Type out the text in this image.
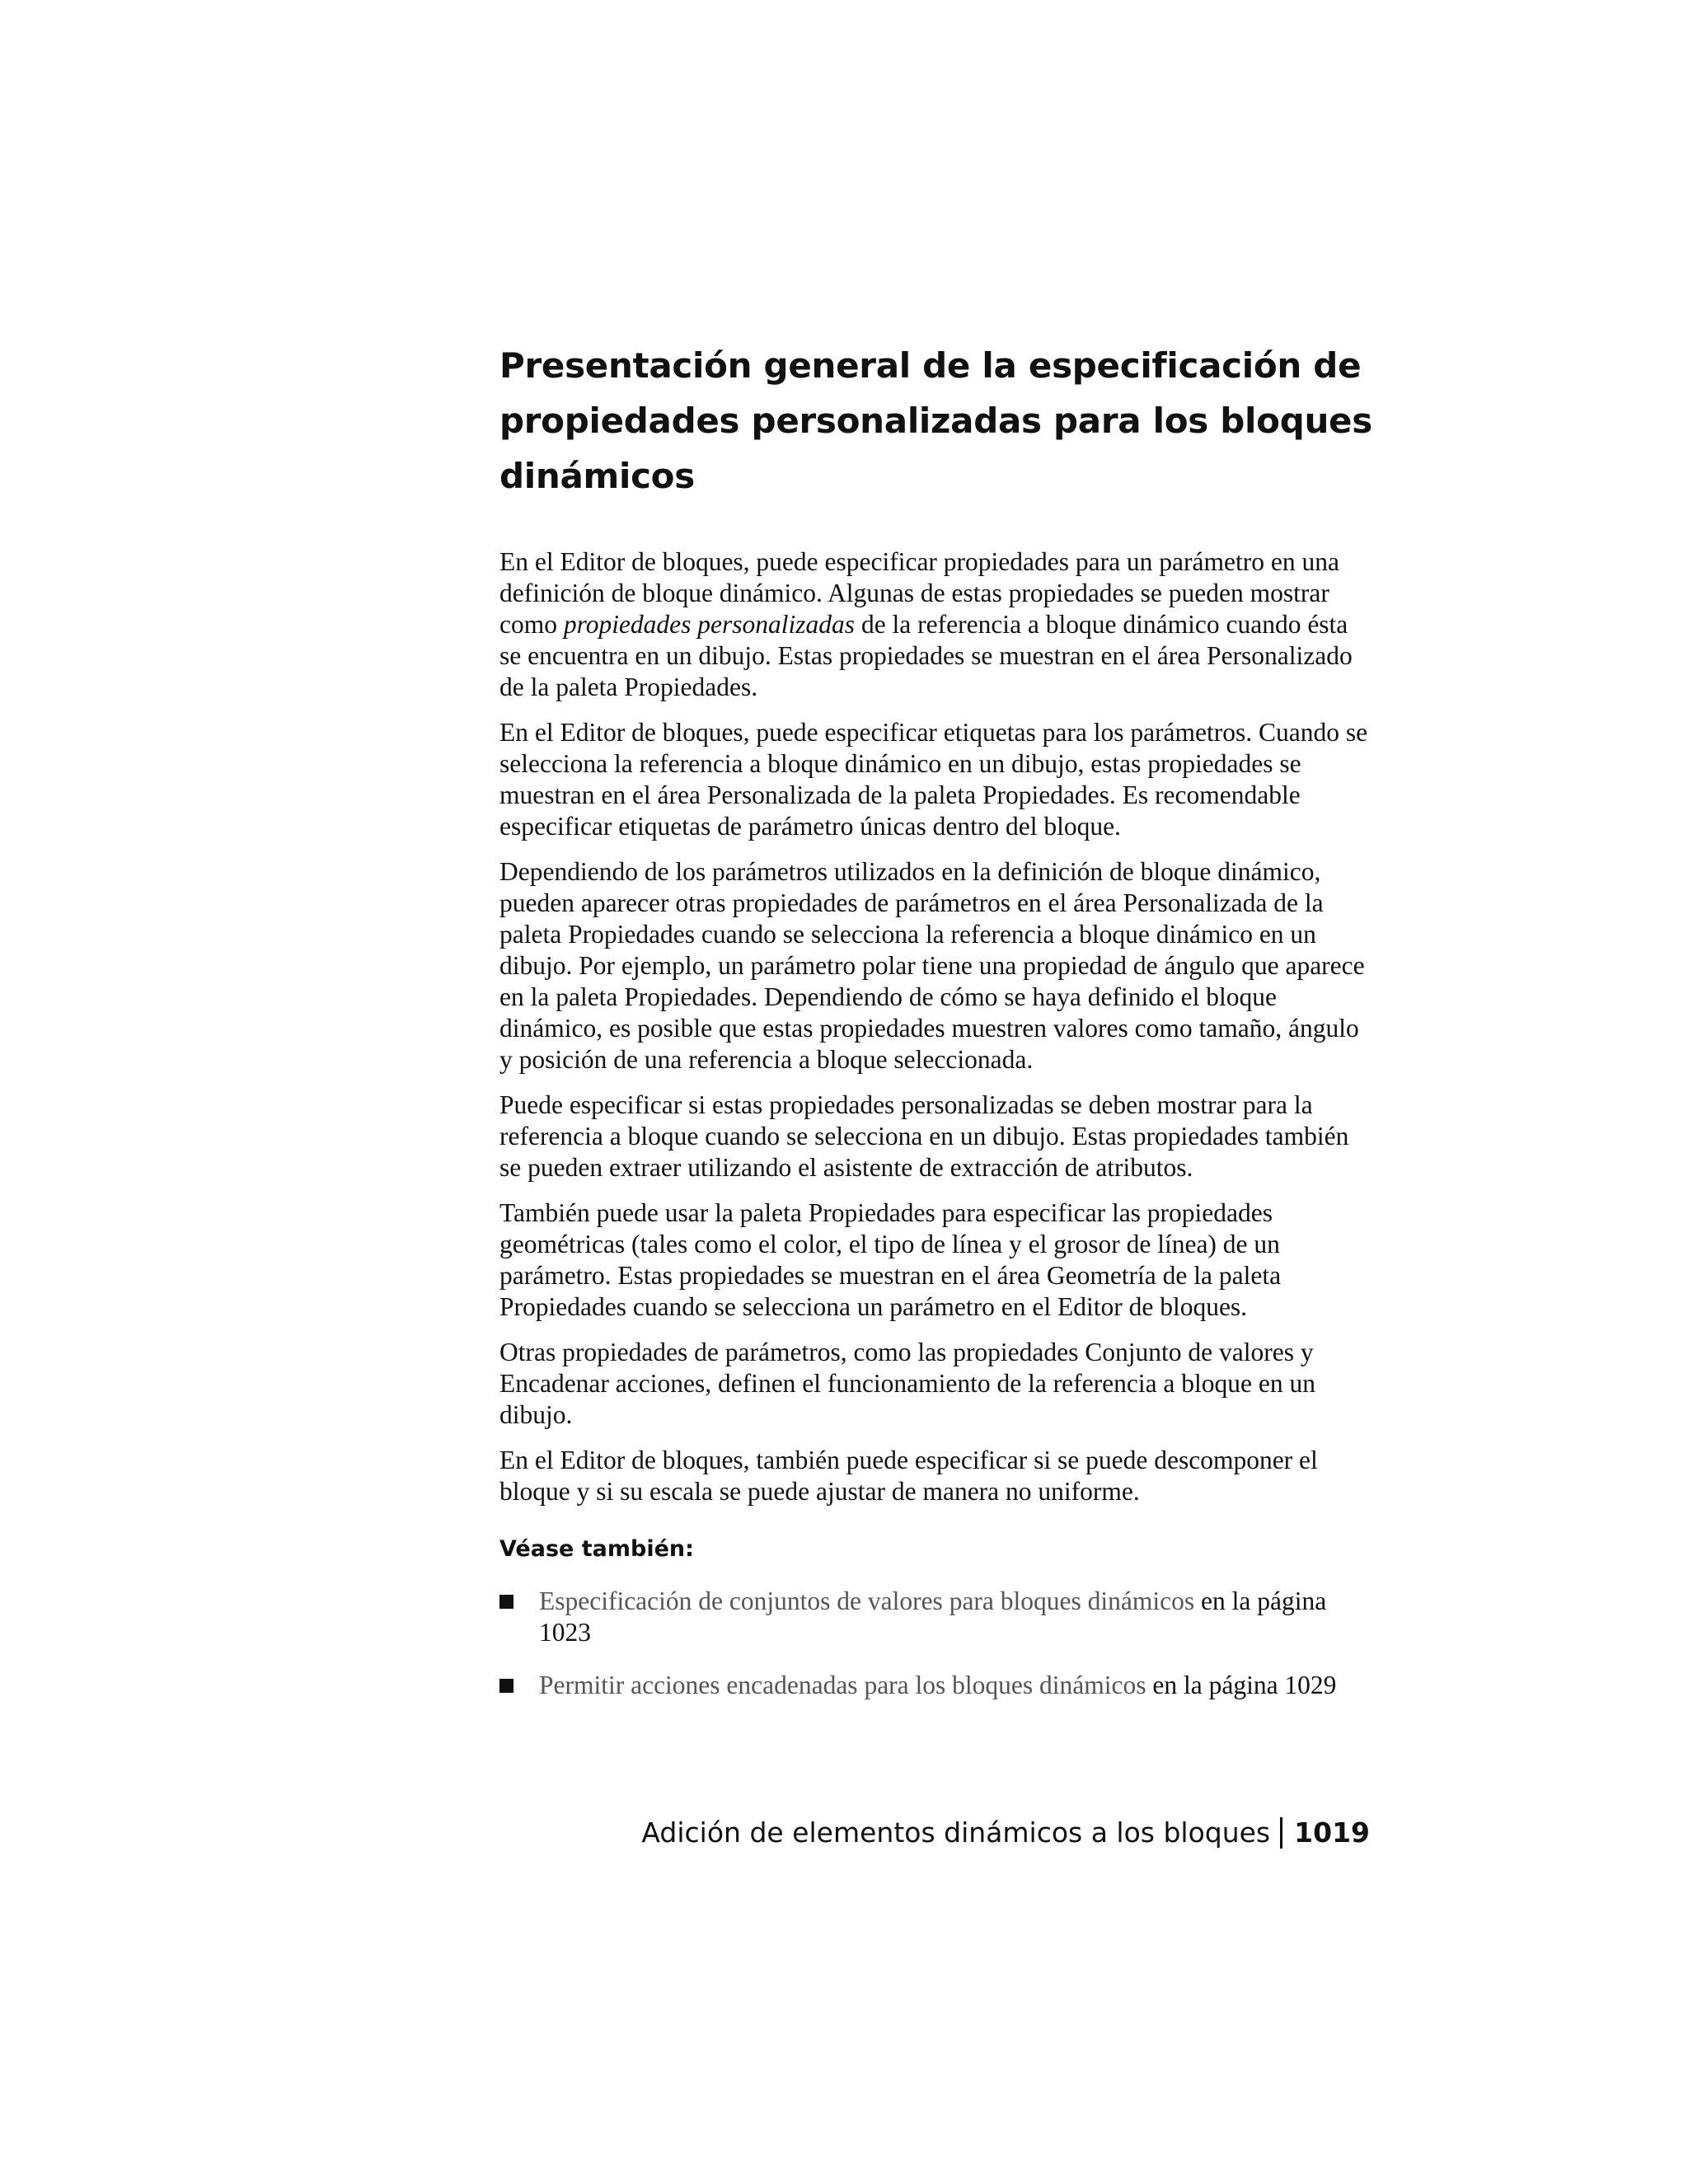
Presentación general de la especificación de propiedades personalizadas para los bloques dinámicos

En el Editor de bloques, puede especificar propiedades para un parámetro en una definición de bloque dinámico. Algunas de estas propiedades se pueden mostrar como propiedades personalizadas de la referencia a bloque dinámico cuando ésta se encuentra en un dibujo. Estas propiedades se muestran en el área Personalizado de la paleta Propiedades.

En el Editor de bloques, puede especificar etiquetas para los parámetros. Cuando se selecciona la referencia a bloque dinámico en un dibujo, estas propiedades se muestran en el área Personalizada de la paleta Propiedades. Es recomendable especificar etiquetas de parámetro únicas dentro del bloque.

Dependiendo de los parámetros utilizados en la definición de bloque dinámico, pueden aparecer otras propiedades de parámetros en el área Personalizada de la paleta Propiedades cuando se selecciona la referencia a bloque dinámico en un dibujo. Por ejemplo, un parámetro polar tiene una propiedad de ángulo que aparece en la paleta Propiedades. Dependiendo de cómo se haya definido el bloque dinámico, es posible que estas propiedades muestren valores como tamaño, ángulo y posición de una referencia a bloque seleccionada.

Puede especificar si estas propiedades personalizadas se deben mostrar para la referencia a bloque cuando se selecciona en un dibujo. Estas propiedades también se pueden extraer utilizando el asistente de extracción de atributos.

También puede usar la paleta Propiedades para especificar las propiedades geométricas (tales como el color, el tipo de línea y el grosor de línea) de un parámetro. Estas propiedades se muestran en el área Geometría de la paleta Propiedades cuando se selecciona un parámetro en el Editor de bloques.

Otras propiedades de parámetros, como las propiedades Conjunto de valores y Encadenar acciones, definen el funcionamiento de la referencia a bloque en un dibujo.

En el Editor de bloques, también puede especificar si se puede descomponer el bloque y si su escala se puede ajustar de manera no uniforme.

Véase también:
Especificación de conjuntos de valores para bloques dinámicos en la página 1023
Permitir acciones encadenadas para los bloques dinámicos en la página 1029
Adición de elementos dinámicos a los bloques 1019
